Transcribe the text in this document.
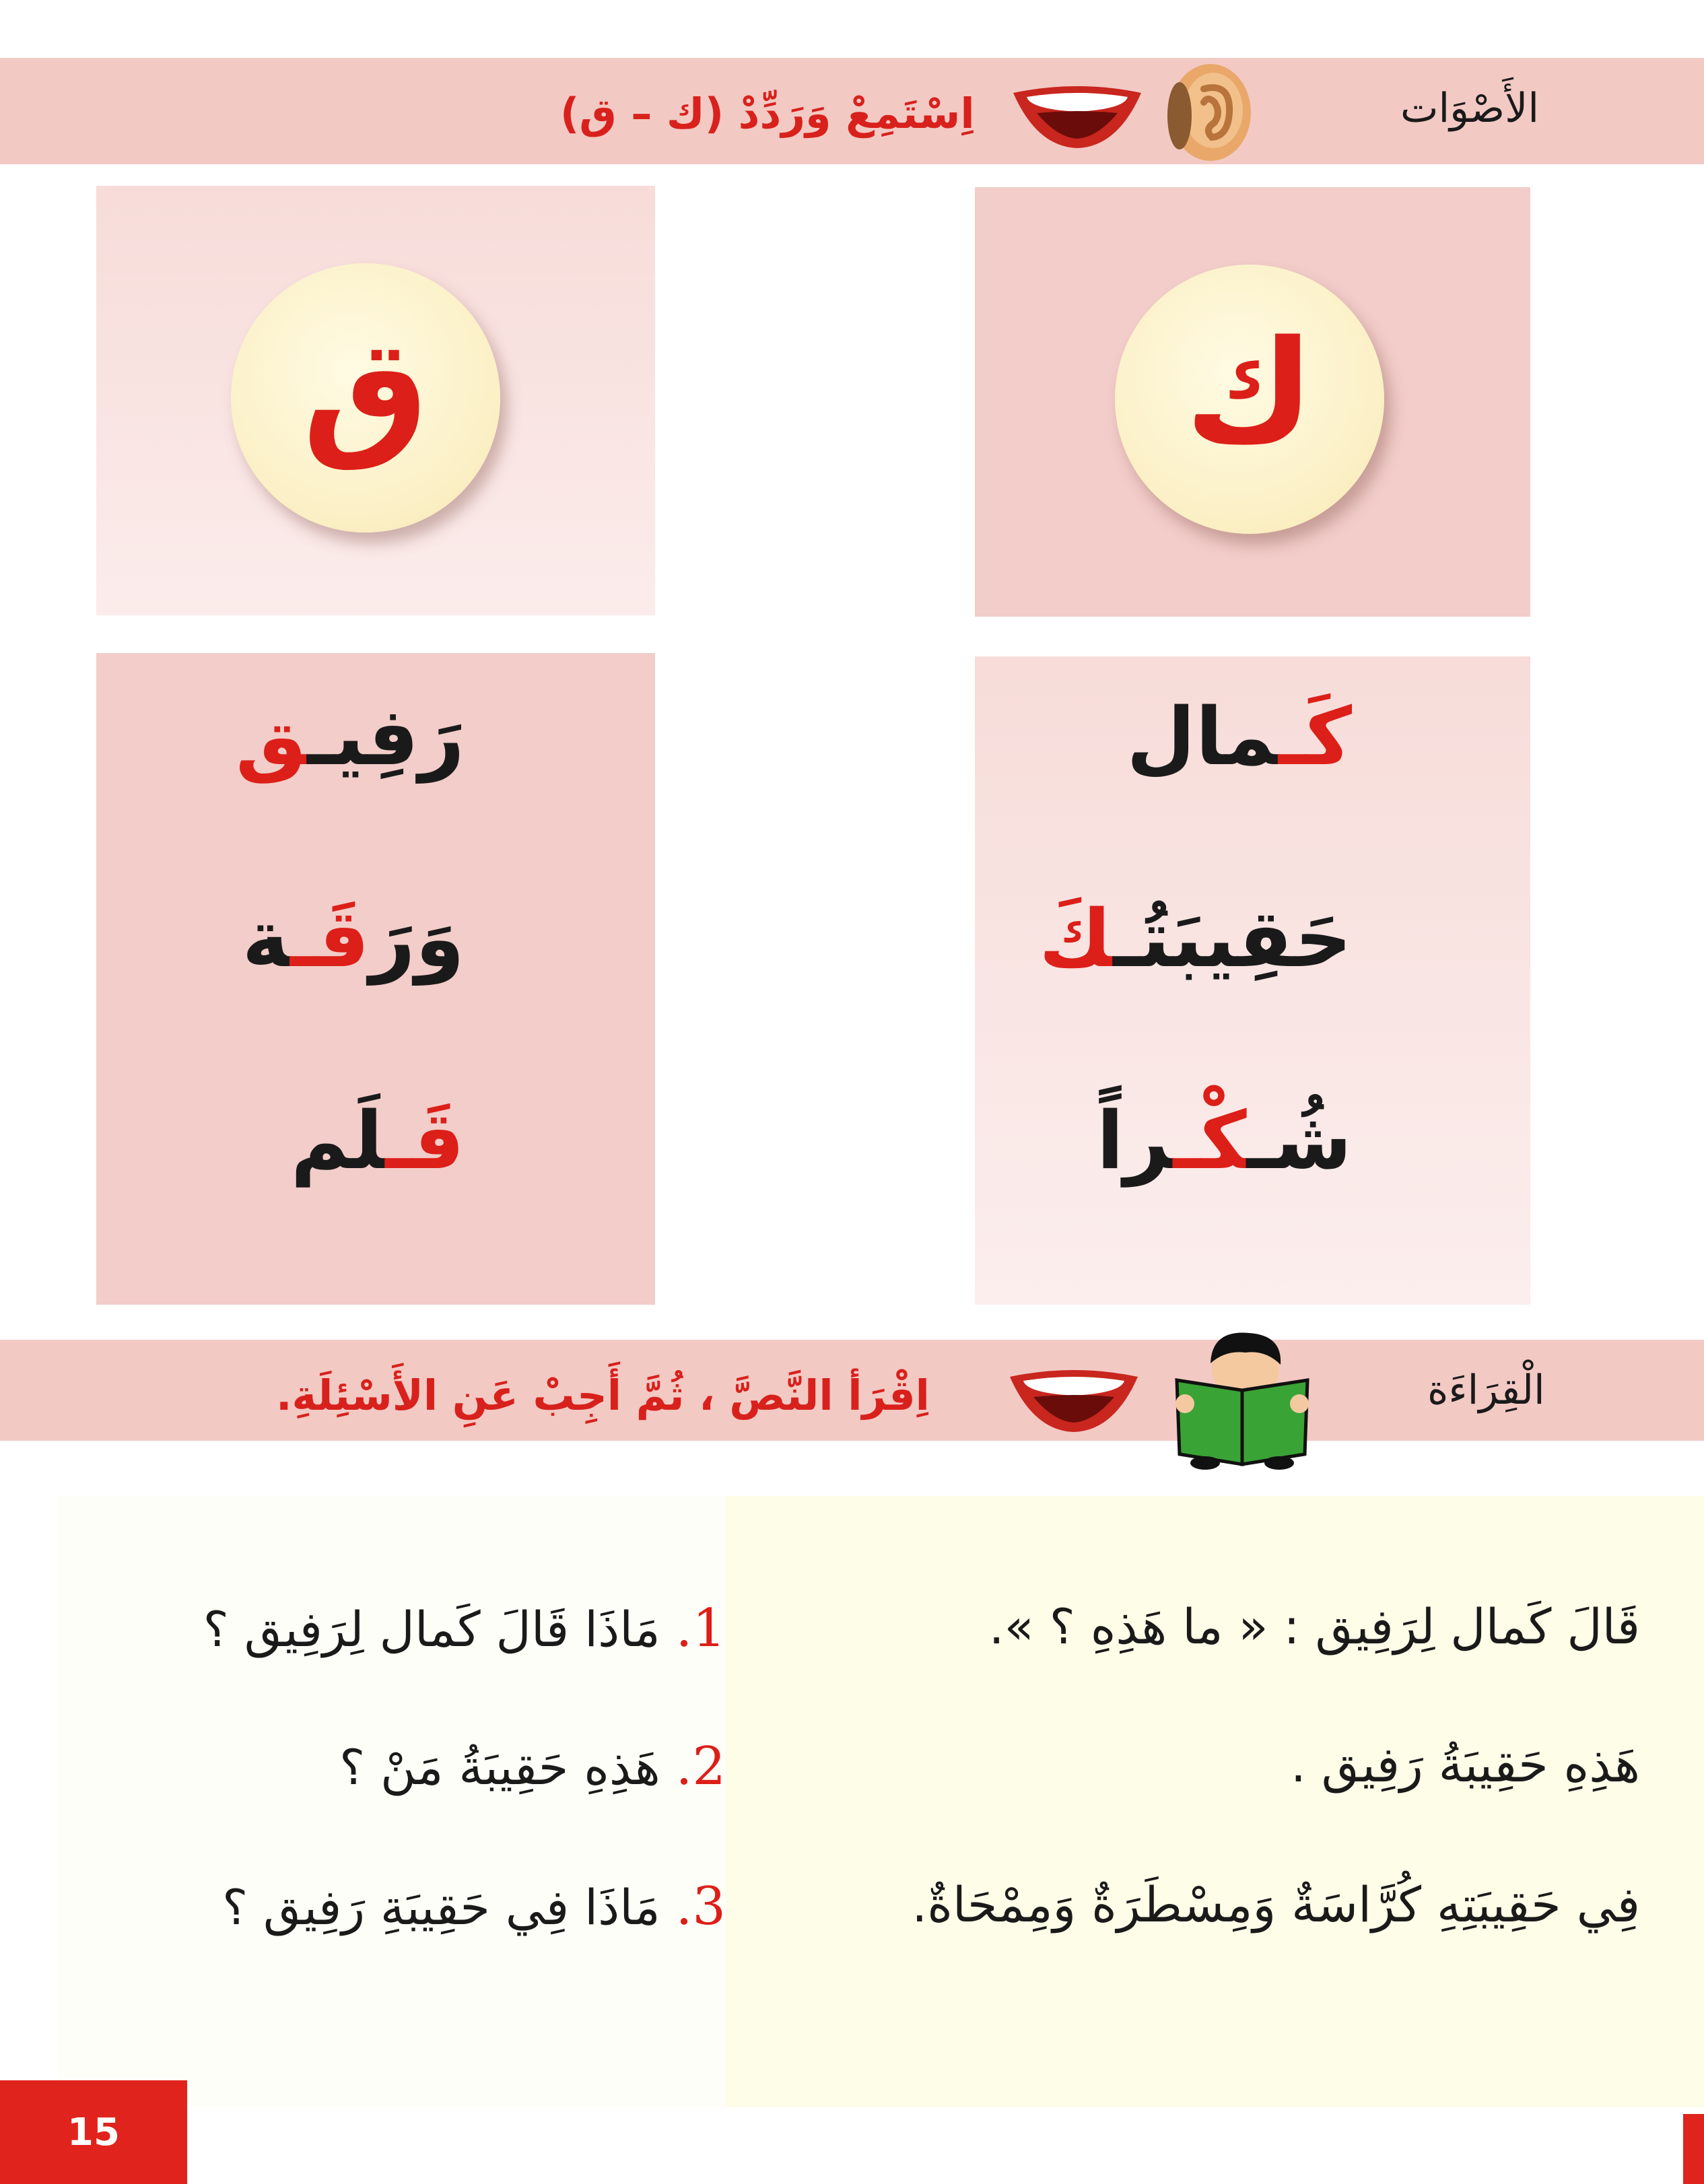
الأَصْوَات
اِسْتَمِعْ وَرَدِّدْ (ك – ق)
ك
ق
كَـمال
حَقِيبَتُـكَ
شُـكْـراً
رَفِيـق
وَرَقَـة
قَـلَم
الْقِرَاءَة
اِقْرَأ النَّصَّ ، ثُمَّ أَجِبْ عَنِ الأَسْئِلَةِ.
قَالَ كَمال لِرَفِيق : « ما هَذِهِ ؟ ».
هَذِهِ حَقِيبَةُ رَفِيق .
فِي حَقِيبَتِهِ كُرَّاسَةٌ وَمِسْطَرَةٌ وَمِمْحَاةٌ.
1. مَاذَا قَالَ كَمال لِرَفِيق ؟
2. هَذِهِ حَقِيبَةُ مَنْ ؟
3. مَاذَا فِي حَقِيبَةِ رَفِيق ؟
15
